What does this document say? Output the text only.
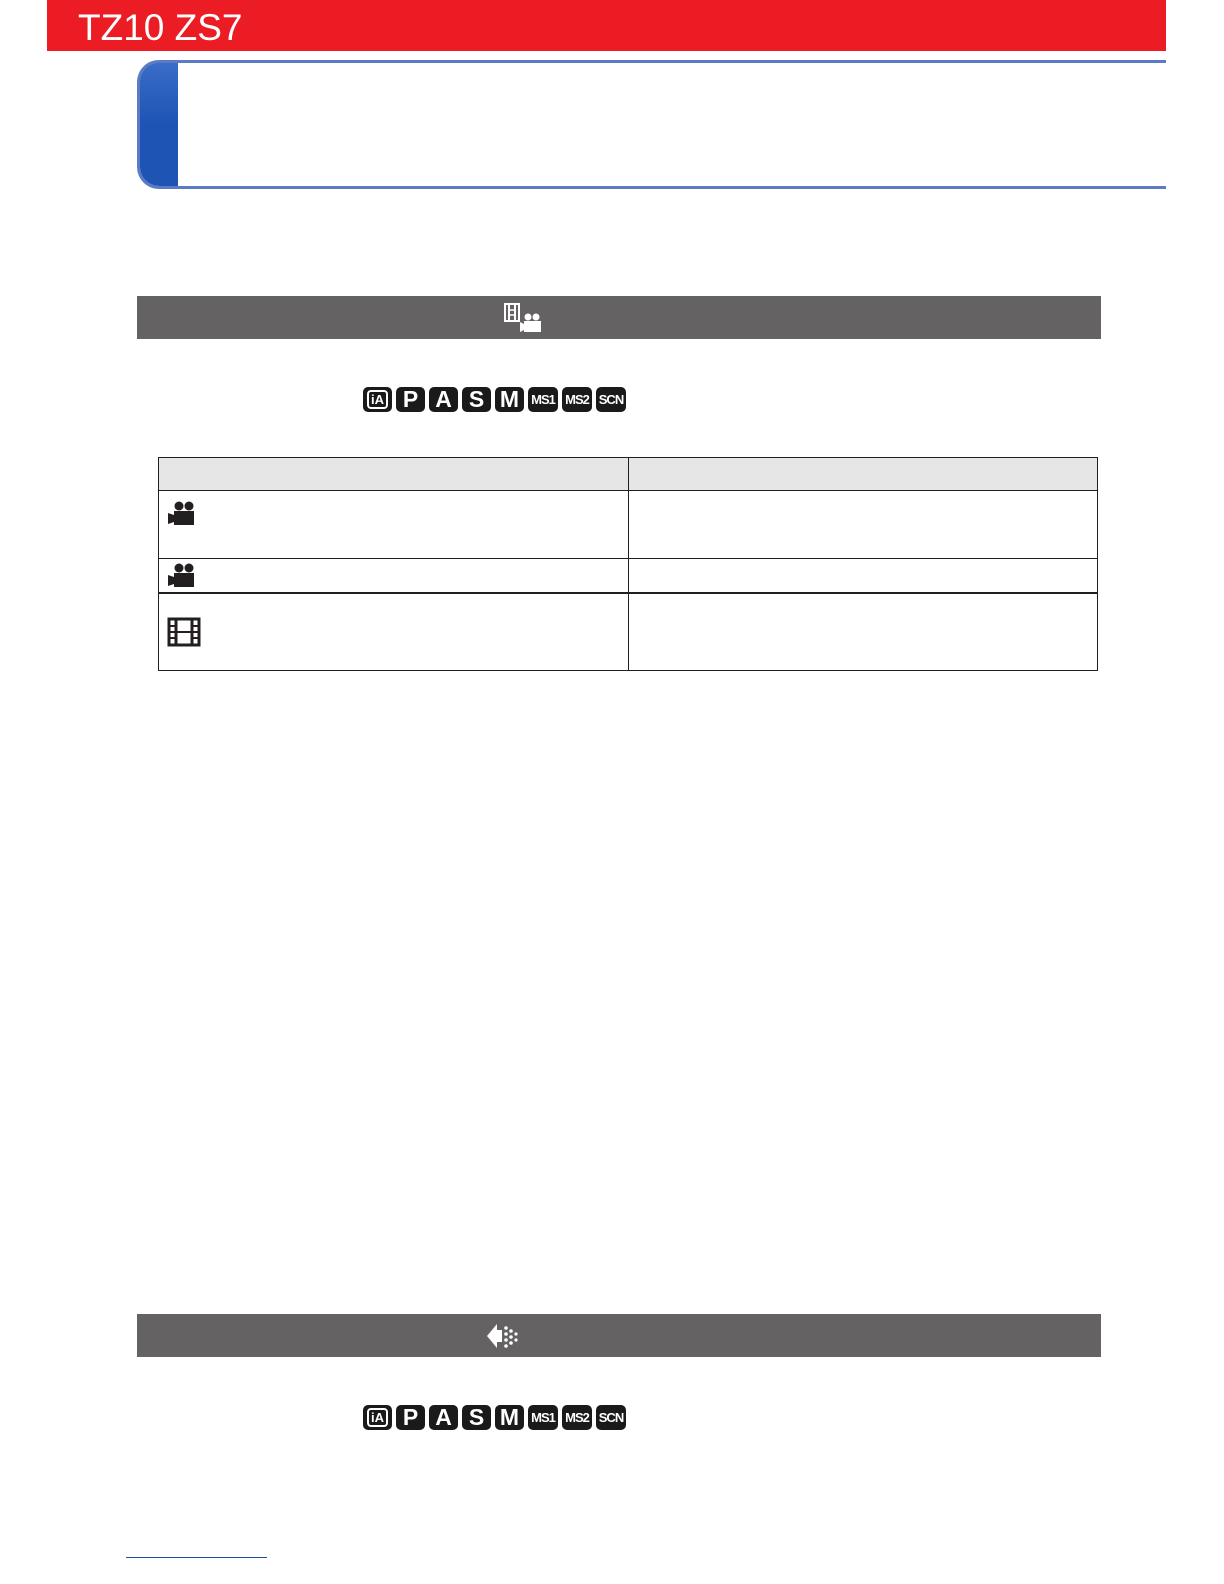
TZ10 ZS7
iA P A S M MS1 MS2 SCN

iA P A S M MS1 MS2 SCN
